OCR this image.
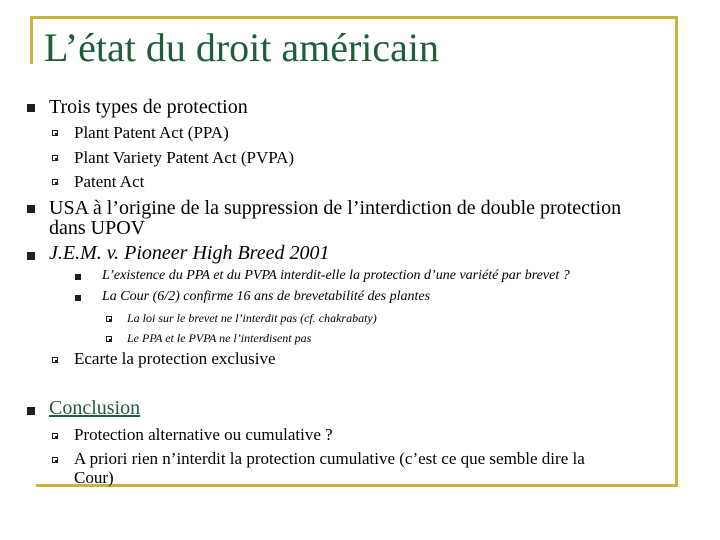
L’état du droit américain
Trois types de protection
Plant Patent Act (PPA)
Plant Variety Patent Act (PVPA)
Patent Act
USA à l’origine de la suppression de l’interdiction de double protection
dans UPOV
J.E.M. v. Pioneer High Breed 2001
L’existence du PPA et du PVPA interdit-elle la protection d’une variété par brevet ?
La Cour (6/2) confirme 16 ans de brevetabilité des plantes
La loi sur le brevet ne l’interdit pas (cf. chakrabaty)
Le PPA et le PVPA ne l’interdisent pas
Ecarte la protection exclusive
Conclusion
Protection alternative ou cumulative ?
A priori rien n’interdit la protection cumulative (c’est ce que semble dire la
Cour)
